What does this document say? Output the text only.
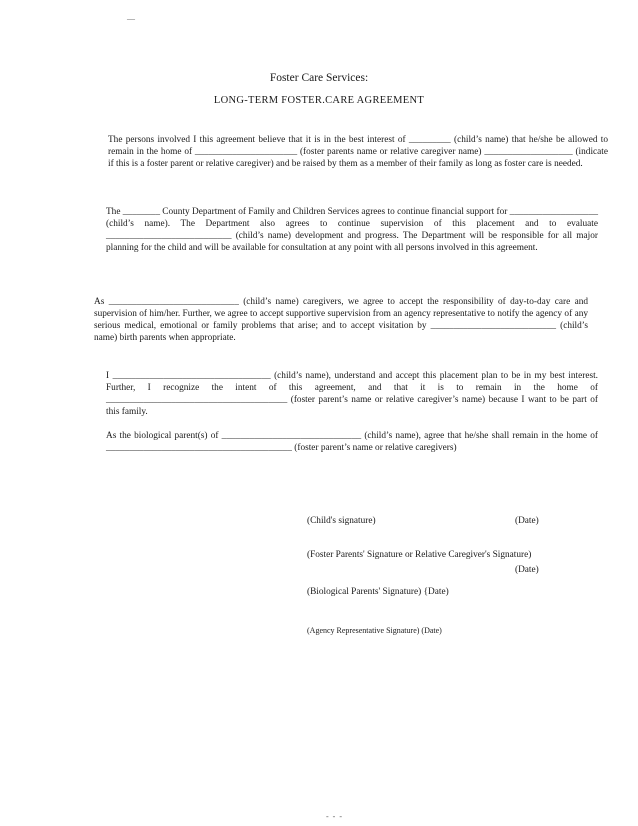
—
Foster Care Services:
LONG-TERM FOSTER.CARE AGREEMENT
The persons involved I this agreement believe that it is in the best interest of _________ (child’s name) that he/she be allowed to remain in the home of ______________________ (foster parents name or relative caregiver name) ___________________ (indicate if this is a foster parent or relative caregiver) and be raised by them as a member of their family as long as foster care is needed.
The ________ County Department of Family and Children Services agrees to continue financial support for ___________________ (child’s name). The Department also agrees to continue supervision of this placement and to evaluate ___________________________ (child’s name) development and progress. The Department will be responsible for all major planning for the child and will be available for consultation at any point with all persons involved in this agreement.
As ____________________________ (child’s name) caregivers, we agree to accept the responsibility of day-to-day care and supervision of him/her. Further, we agree to accept supportive supervision from an agency representative to notify the agency of any serious medical, emotional or family problems that arise; and to accept visitation by ___________________________ (child’s name) birth parents when appropriate.
I __________________________________ (child’s name), understand and accept this placement plan to be in my best interest. Further, I recognize the intent of this agreement, and that it is to remain in the home of _______________________________________ (foster parent’s name or relative caregiver’s name) because I want to be part of this family.
As the biological parent(s) of ______________________________ (child’s name), agree that he/she shall remain in the home of ________________________________________ (foster parent’s name or relative caregivers)
(Child's signature)	(Date)
(Foster Parents' Signature or Relative Caregiver's Signature)
(Date)
(Biological Parents' Signature) {Date)
(Agency Representative Signature) (Date)
- - -
